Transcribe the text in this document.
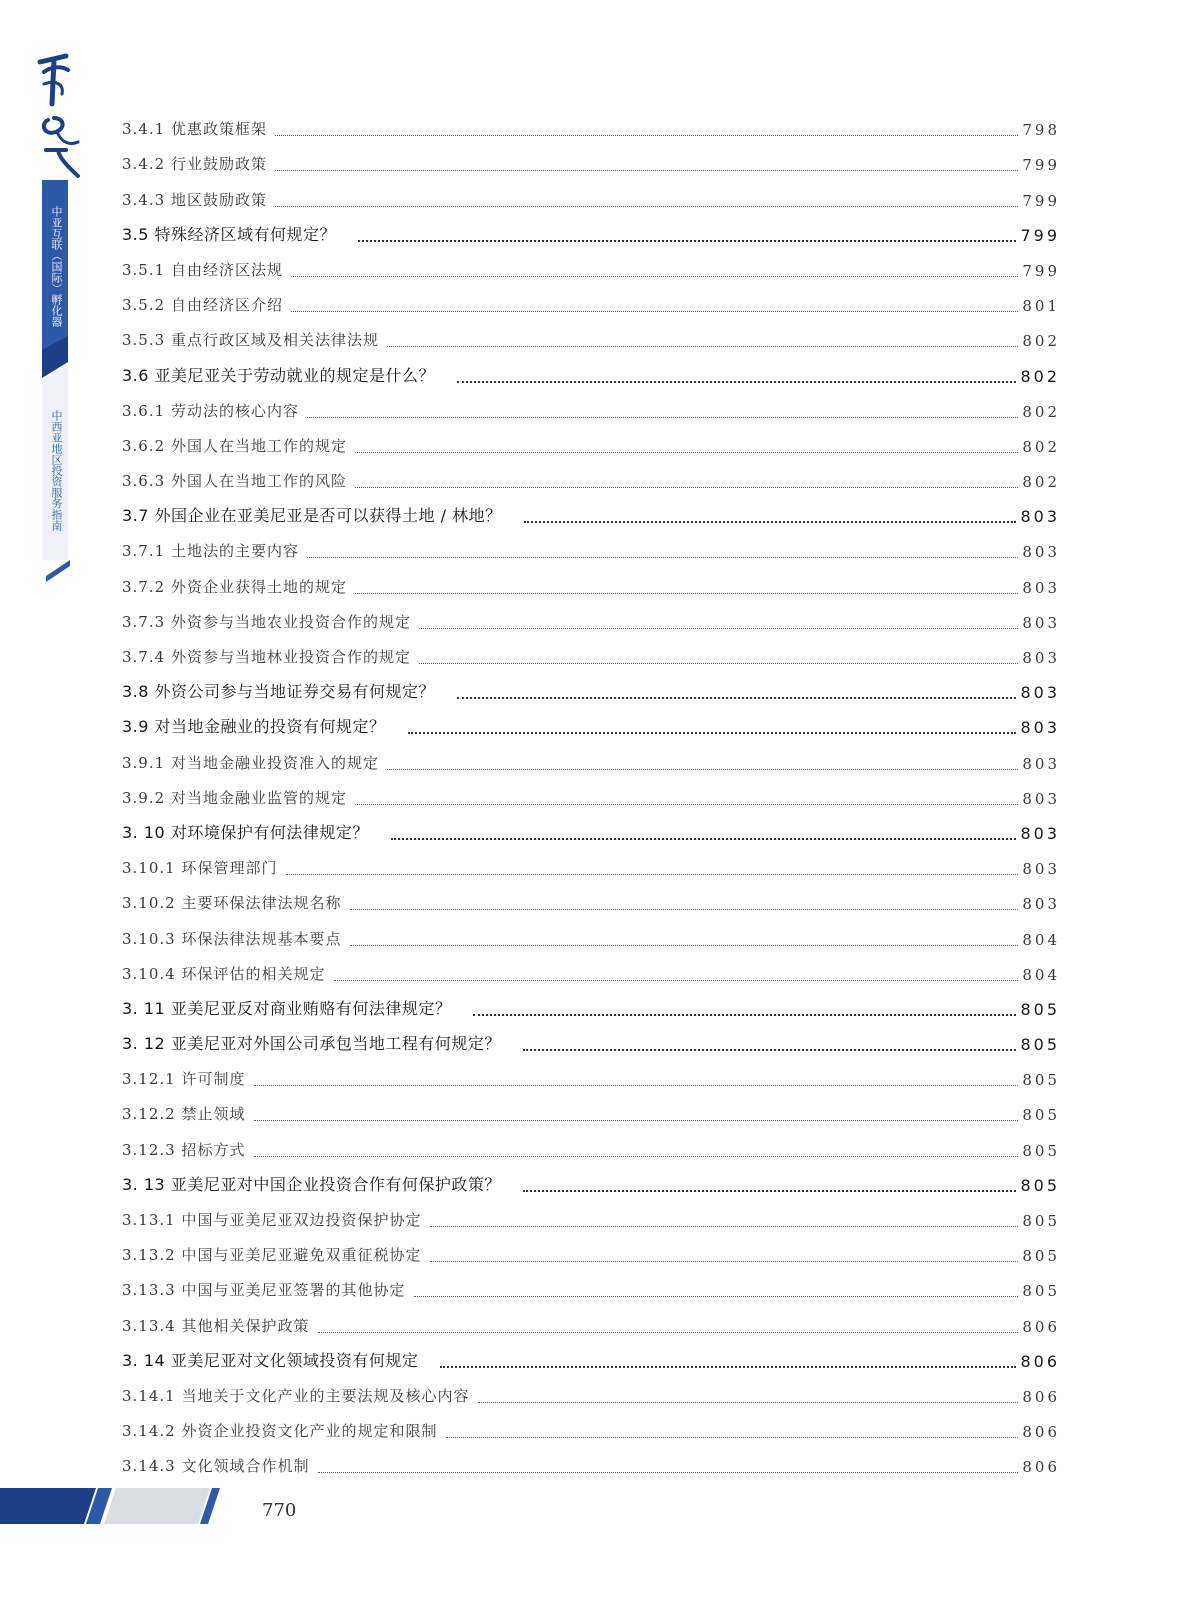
中亚互联（国际）孵化器
中西亚地区投资服务指南
3.4.1 优惠政策框架	798
3.4.2 行业鼓励政策	799
3.4.3 地区鼓励政策	799
3.5 特殊经济区域有何规定？	799
3.5.1 自由经济区法规	799
3.5.2 自由经济区介绍	801
3.5.3 重点行政区域及相关法律法规	802
3.6 亚美尼亚关于劳动就业的规定是什么？	802
3.6.1 劳动法的核心内容	802
3.6.2 外国人在当地工作的规定	802
3.6.3 外国人在当地工作的风险	802
3.7 外国企业在亚美尼亚是否可以获得土地 / 林地？	803
3.7.1 土地法的主要内容	803
3.7.2 外资企业获得土地的规定	803
3.7.3 外资参与当地农业投资合作的规定	803
3.7.4 外资参与当地林业投资合作的规定	803
3.8 外资公司参与当地证券交易有何规定？	803
3.9 对当地金融业的投资有何规定？	803
3.9.1 对当地金融业投资准入的规定	803
3.9.2 对当地金融业监管的规定	803
3. 10 对环境保护有何法律规定？	803
3.10.1 环保管理部门	803
3.10.2 主要环保法律法规名称	803
3.10.3 环保法律法规基本要点	804
3.10.4 环保评估的相关规定	804
3. 11 亚美尼亚反对商业贿赂有何法律规定？	805
3. 12 亚美尼亚对外国公司承包当地工程有何规定？	805
3.12.1 许可制度	805
3.12.2 禁止领域	805
3.12.3 招标方式	805
3. 13 亚美尼亚对中国企业投资合作有何保护政策？	805
3.13.1 中国与亚美尼亚双边投资保护协定	805
3.13.2 中国与亚美尼亚避免双重征税协定	805
3.13.3 中国与亚美尼亚签署的其他协定	805
3.13.4 其他相关保护政策	806
3. 14 亚美尼亚对文化领域投资有何规定	806
3.14.1 当地关于文化产业的主要法规及核心内容	806
3.14.2 外资企业投资文化产业的规定和限制	806
3.14.3 文化领域合作机制	806
770
